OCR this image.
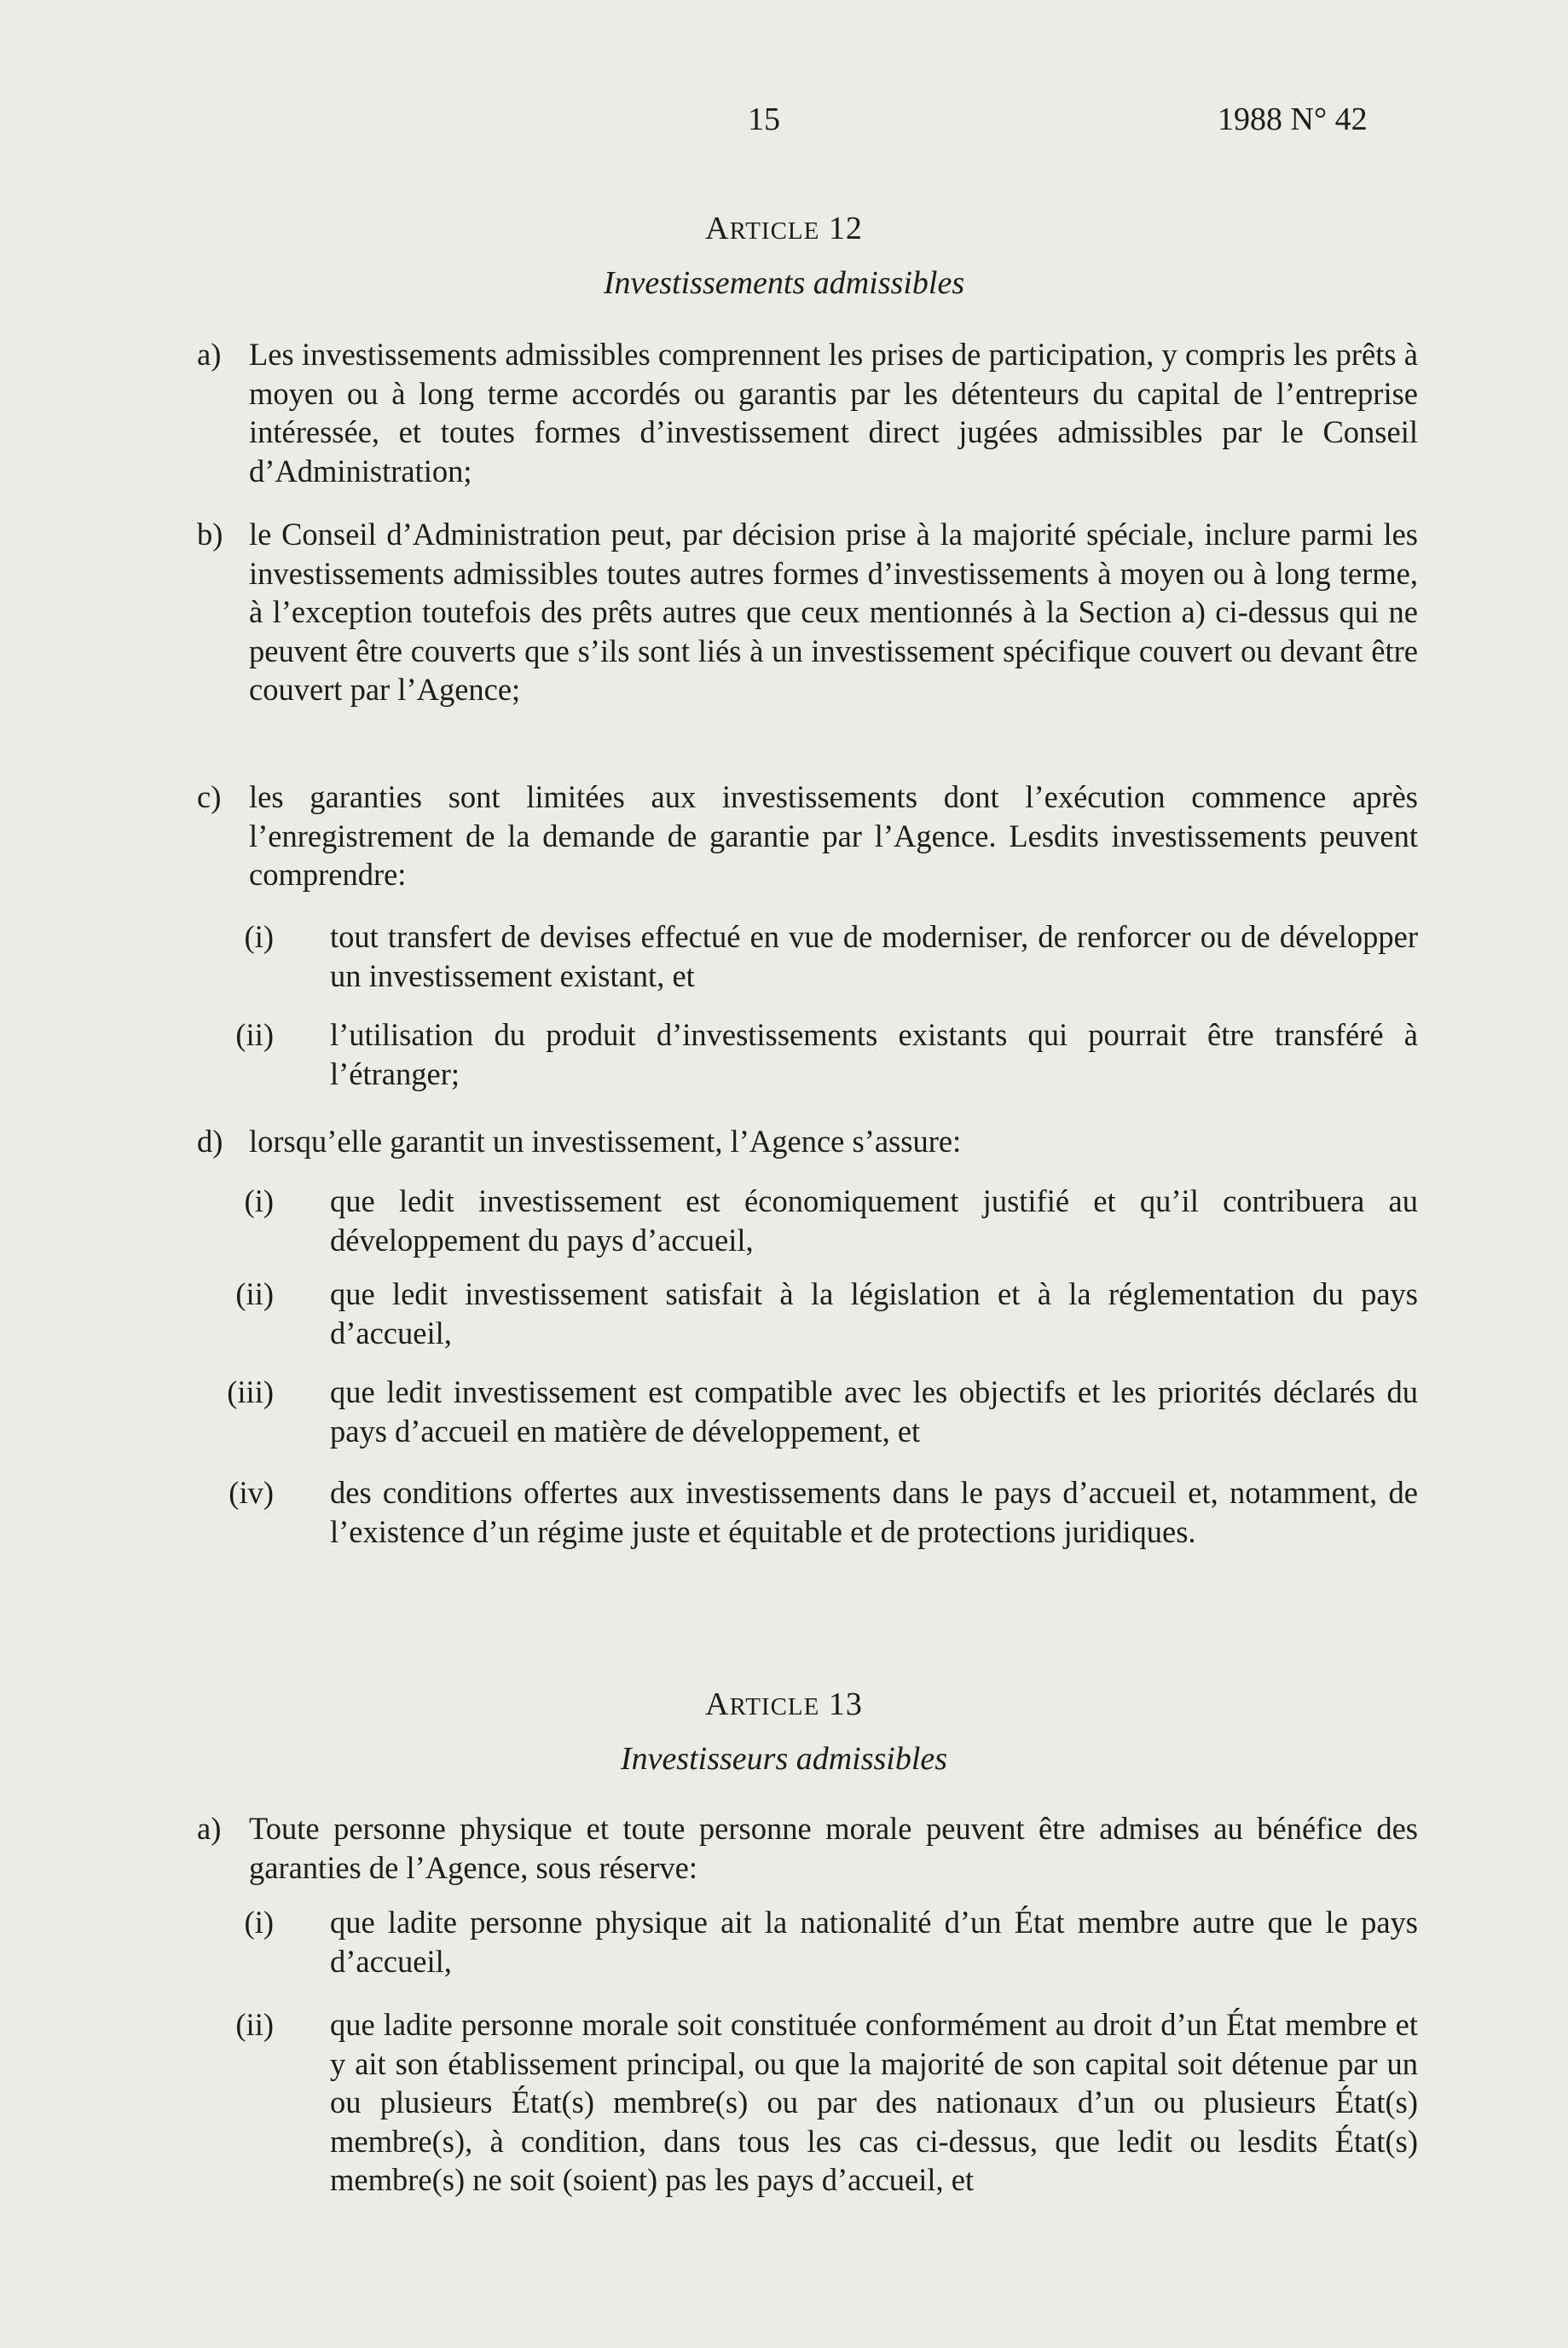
15	1988 N° 42
ARTICLE 12
Investissements admissibles
a) Les investissements admissibles comprennent les prises de participation, y compris les prêts à moyen ou à long terme accordés ou garantis par les détenteurs du capital de l’entreprise intéressée, et toutes formes d’investissement direct jugées admissibles par le Conseil d’Administration;
b) le Conseil d’Administration peut, par décision prise à la majorité spéciale, inclure parmi les investissements admissibles toutes autres formes d’investissements à moyen ou à long terme, à l’exception toutefois des prêts autres que ceux mentionnés à la Section a) ci-dessus qui ne peuvent être couverts que s’ils sont liés à un investissement spécifique couvert ou devant être couvert par l’Agence;
c) les garanties sont limitées aux investissements dont l’exécution commence après l’enregistrement de la demande de garantie par l’Agence. Lesdits investissements peuvent comprendre:
(i) tout transfert de devises effectué en vue de moderniser, de renforcer ou de développer un investissement existant, et
(ii) l’utilisation du produit d’investissements existants qui pourrait être transféré à l’étranger;
d) lorsqu’elle garantit un investissement, l’Agence s’assure:
(i) que ledit investissement est économiquement justifié et qu’il contribuera au développement du pays d’accueil,
(ii) que ledit investissement satisfait à la législation et à la réglementation du pays d’accueil,
(iii) que ledit investissement est compatible avec les objectifs et les priorités déclarés du pays d’accueil en matière de développement, et
(iv) des conditions offertes aux investissements dans le pays d’accueil et, notamment, de l’existence d’un régime juste et équitable et de protections juridiques.
ARTICLE 13
Investisseurs admissibles
a) Toute personne physique et toute personne morale peuvent être admises au bénéfice des garanties de l’Agence, sous réserve:
(i) que ladite personne physique ait la nationalité d’un État membre autre que le pays d’accueil,
(ii) que ladite personne morale soit constituée conformément au droit d’un État membre et y ait son établissement principal, ou que la majorité de son capital soit détenue par un ou plusieurs État(s) membre(s) ou par des nationaux d’un ou plusieurs État(s) membre(s), à condition, dans tous les cas ci-dessus, que ledit ou lesdits État(s) membre(s) ne soit (soient) pas les pays d’accueil, et
